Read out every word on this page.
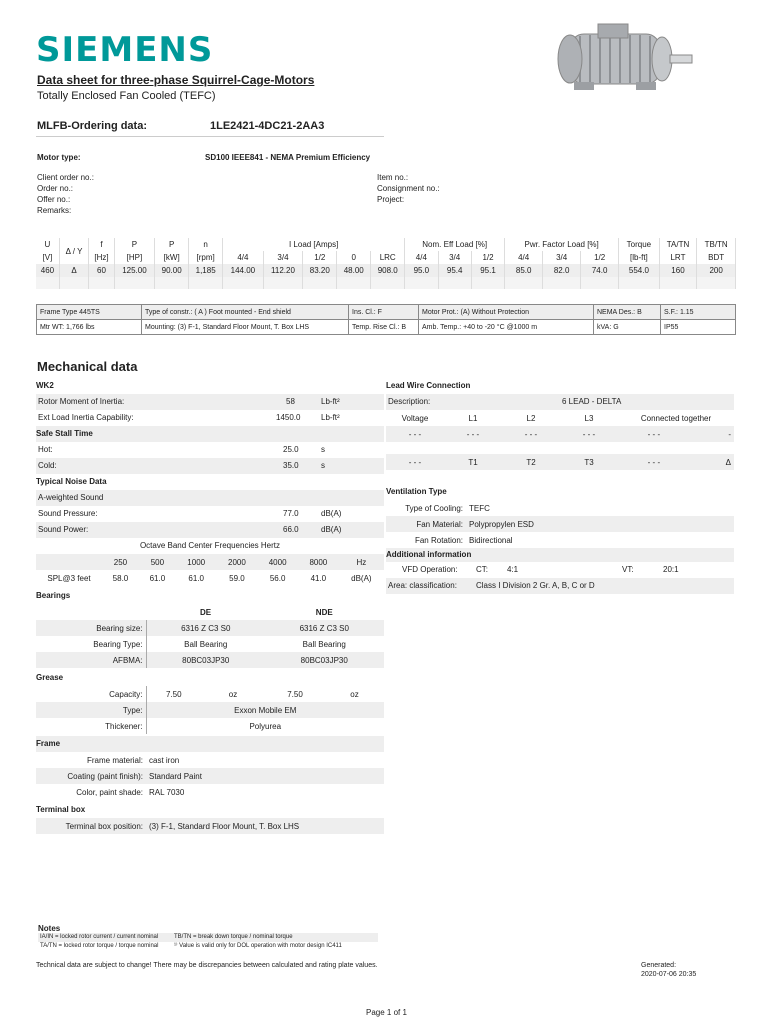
SIEMENS
Data sheet for three-phase Squirrel-Cage-Motors
Totally Enclosed Fan Cooled (TEFC)
MLFB-Ordering data:	1LE2421-4DC21-2AA3
Motor type:	SD100 IEEE841 - NEMA Premium Efficiency
Client order no.:
Order no.:
Offer no.:
Remarks:
Item no.:
Consignment no.:
Project:
U	Δ / Y	f	P	P	n	I Load [Amps]					Nom. Eff Load [%]			Pwr. Factor Load [%]			Torque	TA/TN	TB/TN
[V]		[Hz]	[HP]	[kW]	[rpm]	4/4	3/4	1/2	0	LRC	4/4	3/4	1/2	4/4	3/4	1/2	[lb-ft]	LRT	BDT
460	Δ	60	125.00	90.00	1,185	144.00	112.20	83.20	48.00	908.0	95.0	95.4	95.1	85.0	82.0	74.0	554.0	160	200

Frame Type 445TS	Type of constr.: ( A ) Foot mounted - End shield	Ins. Cl.: F	Motor Prot.: (A) Without Protection	NEMA Des.: B	S.F.: 1.15
Mtr WT: 1,766 lbs	Mounting: (3) F-1, Standard Floor Mount, T. Box LHS	Temp. Rise Cl.: B	Amb. Temp.: +40 to -20 °C @1000 m	kVA: G	IP55
Mechanical data
WK2
Rotor Moment of Inertia:	58	Lb-ft²
Ext Load Inertia Capability:	1450.0	Lb-ft²
Safe Stall Time
Hot:	25.0	s
Cold:	35.0	s
Typical Noise Data
A-weighted Sound
Sound Pressure:	77.0	dB(A)
Sound Power:	66.0	dB(A)
Octave Band Center Frequencies Hertz
	250	500	1000	2000	4000	8000	Hz
SPL@3 feet	58.0	61.0	61.0	59.0	56.0	41.0	dB(A)
Bearings
	DE	NDE
Bearing size:	6316 Z C3 S0	6316 Z C3 S0
Bearing Type:	Ball Bearing	Ball Bearing
AFBMA:	80BC03JP30	80BC03JP30
Grease
Capacity:	7.50	oz	7.50	oz
Type:	Exxon Mobile EM			
Thickener:	Polyurea			
Frame
Frame material:	cast iron
Coating (paint finish):	Standard Paint
Color, paint shade:	RAL 7030
Terminal box
Terminal box position:	(3) F-1, Standard Floor Mount, T. Box LHS
Lead Wire Connection
Description:	6 LEAD - DELTA
Voltage	L1	L2	L3	Connected together	
- - -	- - -	- - -	- - -	- - -	-

- - -	T1	T2	T3	- - -	Δ
Ventilation Type
Type of Cooling:	TEFC
Fan Material:	Polypropylen ESD
Fan Rotation:	Bidirectional
Additional information
VFD Operation: CT: 4:1	VT:	20:1
Area: classification: Class I Division 2 Gr. A, B, C or D
Notes
IA/IN = locked rotor current / current nominal	TB/TN = break down torque / nominal torque
TA/TN = locked rotor torque / torque nominal	¹⁾ Value is valid only for DOL operation with motor design IC411
Technical data are subject to change! There may be discrepancies between calculated and rating plate values.	Generated:
2020-07-06 20:35
Page 1 of 1
